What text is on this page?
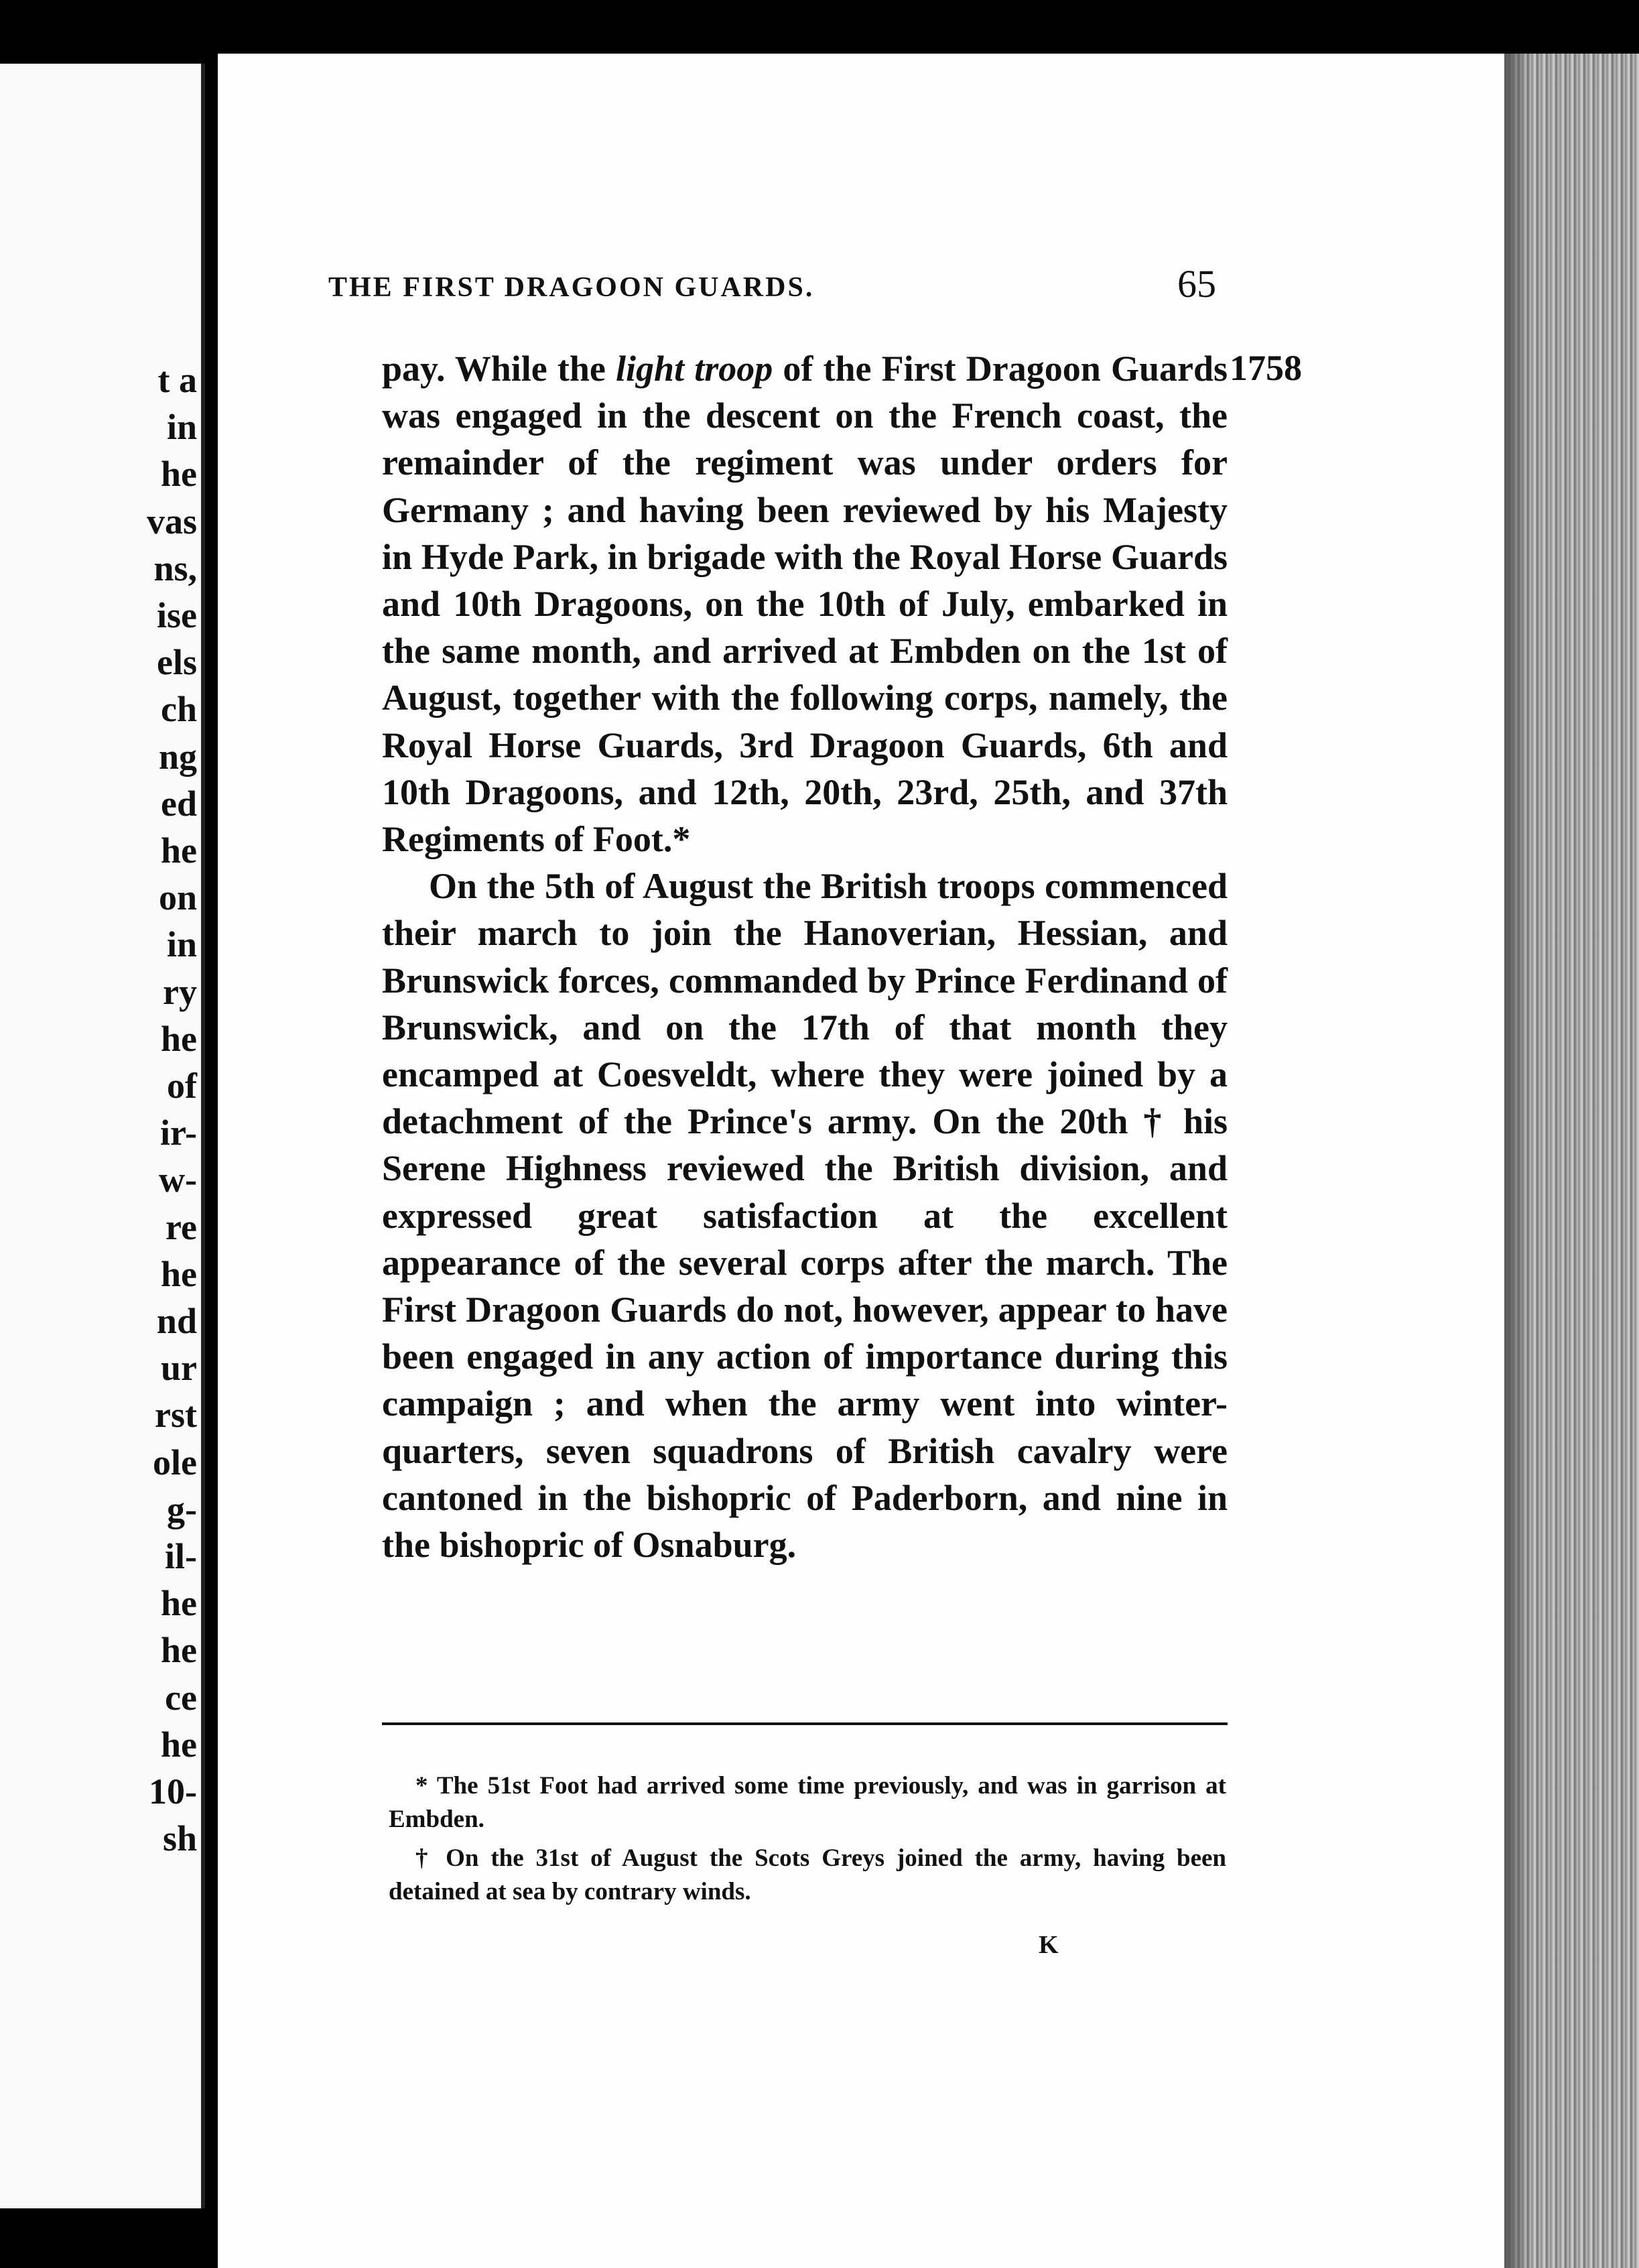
t a
in
he
vas
ns,
ise
els
ch
ng
ed
he
on
in
ry
he
of
ir-
w-
re
he
nd
ur
rst
ole
g-
il-
he
he
ce
he
10-
sh
THE FIRST DRAGOON GUARDS.	65
1758

pay. While the light troop of the First Dragoon Guards was engaged in the descent on the French coast, the remainder of the regiment was under orders for Germany ; and having been reviewed by his Majesty in Hyde Park, in brigade with the Royal Horse Guards and 10th Dragoons, on the 10th of July, embarked in the same month, and arrived at Embden on the 1st of August, together with the following corps, namely, the Royal Horse Guards, 3rd Dragoon Guards, 6th and 10th Dragoons, and 12th, 20th, 23rd, 25th, and 37th Regiments of Foot.*

On the 5th of August the British troops commenced their march to join the Hanoverian, Hessian, and Brunswick forces, commanded by Prince Ferdinand of Brunswick, and on the 17th of that month they encamped at Coesveldt, where they were joined by a detachment of the Prince's army. On the 20th † his Serene Highness reviewed the British division, and expressed great satisfaction at the excellent appearance of the several corps after the march. The First Dragoon Guards do not, however, appear to have been engaged in any action of importance during this campaign ; and when the army went into winter-quarters, seven squadrons of British cavalry were cantoned in the bishopric of Paderborn, and nine in the bishopric of Osnaburg.

* The 51st Foot had arrived some time previously, and was in garrison at Embden.

† On the 31st of August the Scots Greys joined the army, having been detained at sea by contrary winds.

K
